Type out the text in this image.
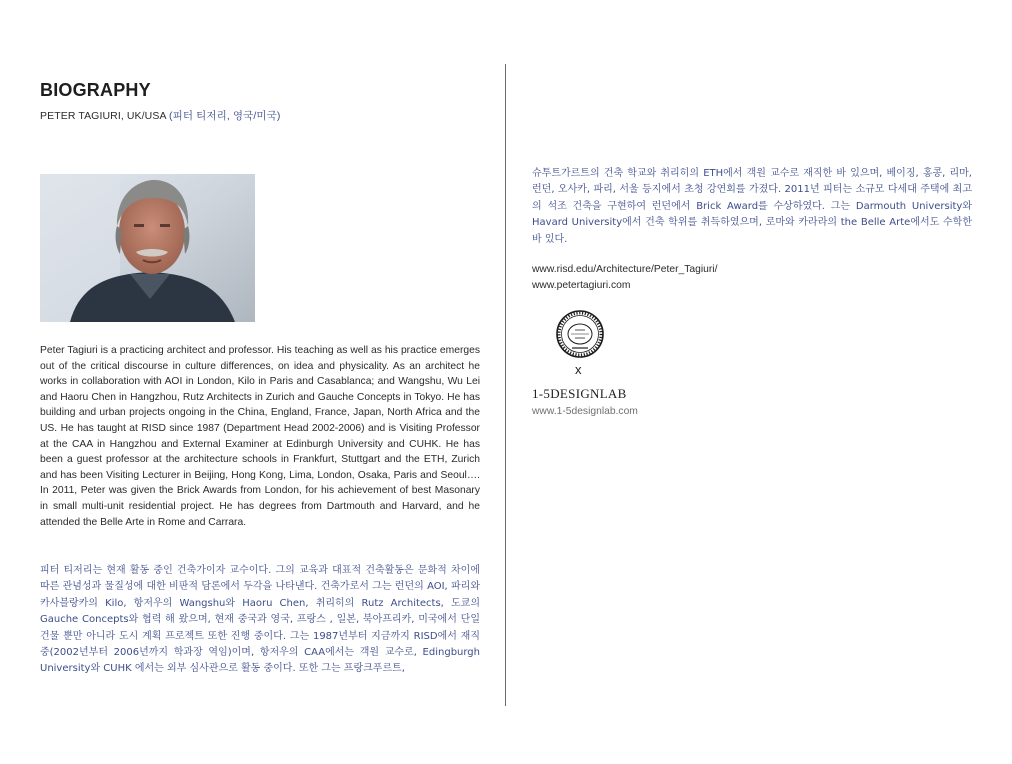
BIOGRAPHY
PETER TAGIURI, UK/USA (피터 티저리, 영국/미국)

Peter Tagiuri is a practicing architect and professor. His teaching as well as his practice emerges out of the critical discourse in culture differences, on idea and physicality. As an architect he works in collaboration with AOI in London, Kilo in Paris and Casablanca; and Wangshu, Wu Lei and Haoru Chen in Hangzhou, Rutz Architects in Zurich and Gauche Concepts in Tokyo. He has building and urban projects ongoing in the China, England, France, Japan, North Africa and the US. He has taught at RISD since 1987 (Department Head 2002-2006) and is Visiting Professor at the CAA in Hangzhou and External Examiner at Edinburgh University and CUHK. He has been a guest professor at the architecture schools in Frankfurt, Stuttgart and the ETH, Zurich and has been Visiting Lecturer in Beijing, Hong Kong, Lima, London, Osaka, Paris and Seoul…. In 2011, Peter was given the Brick Awards from London, for his achievement of best Masonary in small multi-unit residential project. He has degrees from Dartmouth and Harvard, and he attended the Belle Arte in Rome and Carrara.

피터 티저리는 현재 활동 중인 건축가이자 교수이다. 그의 교육과 대표적 건축활동은 문화적 차이에 따른 관념성과 물질성에 대한 비판적 담론에서 두각을 나타낸다. 건축가로서 그는 런던의 AOI, 파리와 카사블랑카의 Kilo, 항저우의 Wangshu와 Haoru Chen, 취리히의 Rutz Architects, 도쿄의 Gauche Concepts와 협력 해 왔으며, 현재 중국과 영국, 프랑스 , 일본, 북아프리카, 미국에서 단일 건물 뿐만 아니라 도시 계획 프로젝트 또한 진행 중이다. 그는 1987년부터 지금까지 RISD에서 재직 중(2002년부터 2006년까지 학과장 역임)이며, 항저우의 CAA에서는 객원 교수로, Edingburgh University와 CUHK 에서는 외부 심사관으로 활동 중이다. 또한 그는 프랑크푸르트,

슈투트가르트의 건축 학교와 취리히의 ETH에서 객원 교수로 재직한 바 있으며, 베이징, 홍콩, 리마, 런던, 오사카, 파리, 서울 등지에서 초청 강연회를 가졌다. 2011년 피터는 소규모 다세대 주택에 최고의 석조 건축을 구현하여 런던에서 Brick Award를 수상하였다. 그는 Darmouth University와 Havard University에서 건축 학위를 취득하였으며, 로마와 카라라의 the Belle Arte에서도 수학한 바 있다.

www.risd.edu/Architecture/Peter_Tagiuri/
www.petertagiuri.com
x
1-5DESIGNLAB
www.1-5designlab.com
